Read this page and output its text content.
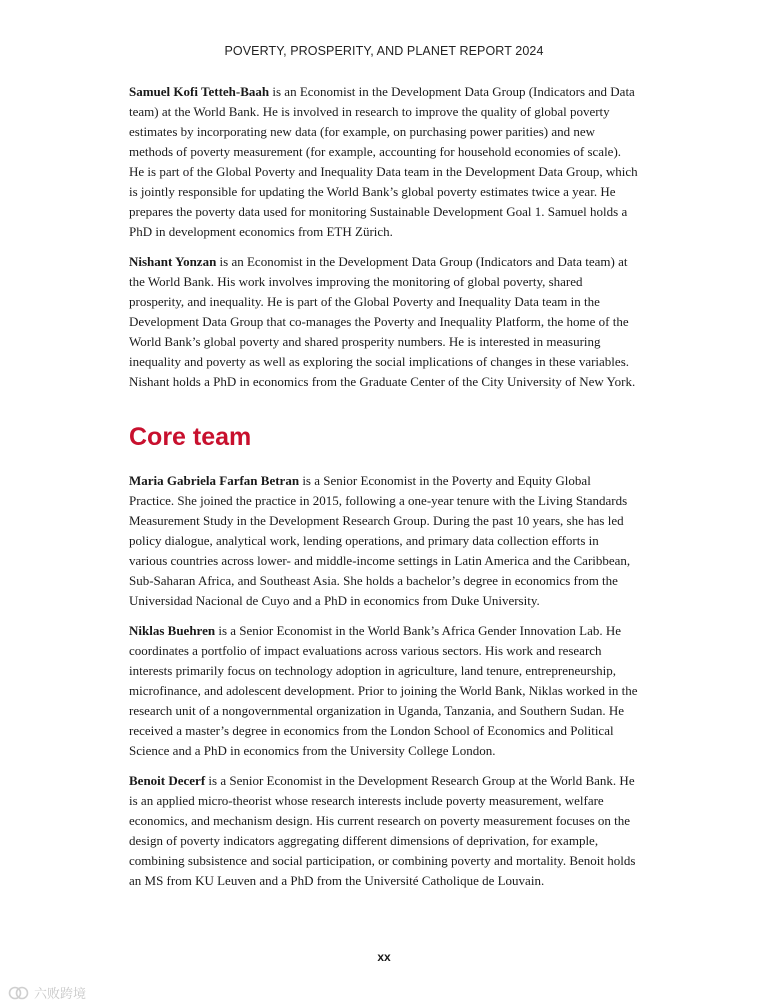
POVERTY, PROSPERITY, AND PLANET REPORT 2024

Samuel Kofi Tetteh-Baah is an Economist in the Development Data Group (Indicators and Data team) at the World Bank. He is involved in research to improve the quality of global poverty estimates by incorporating new data (for example, on purchasing power parities) and new methods of poverty measurement (for example, accounting for household economies of scale). He is part of the Global Poverty and Inequality Data team in the Development Data Group, which is jointly responsible for updating the World Bank’s global poverty estimates twice a year. He prepares the poverty data used for monitoring Sustainable Development Goal 1. Samuel holds a PhD in development economics from ETH Zürich.

Nishant Yonzan is an Economist in the Development Data Group (Indicators and Data team) at the World Bank. His work involves improving the monitoring of global poverty, shared prosperity, and inequality. He is part of the Global Poverty and Inequality Data team in the Development Data Group that co-manages the Poverty and Inequality Platform, the home of the World Bank’s global poverty and shared prosperity numbers. He is interested in measuring inequality and poverty as well as exploring the social implications of changes in these variables. Nishant holds a PhD in economics from the Graduate Center of the City University of New York.

Core team

Maria Gabriela Farfan Betran is a Senior Economist in the Poverty and Equity Global Practice. She joined the practice in 2015, following a one-year tenure with the Living Standards Measurement Study in the Development Research Group. During the past 10 years, she has led policy dialogue, analytical work, lending operations, and primary data collection efforts in various countries across lower- and middle-income settings in Latin America and the Caribbean, Sub-Saharan Africa, and Southeast Asia. She holds a bachelor’s degree in economics from the Universidad Nacional de Cuyo and a PhD in economics from Duke University.

Niklas Buehren is a Senior Economist in the World Bank’s Africa Gender Innovation Lab. He coordinates a portfolio of impact evaluations across various sectors. His work and research interests primarily focus on technology adoption in agriculture, land tenure, entrepreneurship, microfinance, and adolescent development. Prior to joining the World Bank, Niklas worked in the research unit of a nongovernmental organization in Uganda, Tanzania, and Southern Sudan. He received a master’s degree in economics from the London School of Economics and Political Science and a PhD in economics from the University College London.

Benoit Decerf is a Senior Economist in the Development Research Group at the World Bank. He is an applied micro-theorist whose research interests include poverty measurement, welfare economics, and mechanism design. His current research on poverty measurement focuses on the design of poverty indicators aggregating different dimensions of deprivation, for example, combining subsistence and social participation, or combining poverty and mortality. Benoit holds an MS from KU Leuven and a PhD from the Université Catholique de Louvain.

xx
六败跨境
